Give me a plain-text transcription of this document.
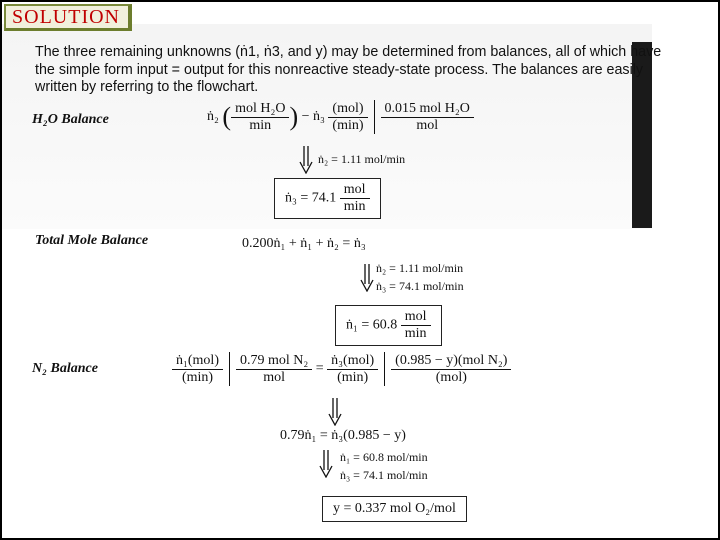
SOLUTION

The three remaining unknowns (ṅ1, ṅ3, and y) may be determined from balances, all of which have

the simple form input = output for this nonreactive steady-state process. The balances are easily

written by referring to the flowchart.

H₂O Balance	ṅ₂ ( $\frac{\text{mol H₂O}}{\min}$ ) − ṅ₃ $\frac{\text{(mol)}}{(\min)} \frac{\text{0.015 mol H₂O}}{\text{mol}}$
ṅ₂ = 1.11 mol/min
ṅ₃ = $74.1 \frac{\text{mol}}{\min}$
Total Mole Balance	0.200ṅ₁ + ṅ₁ + ṅ₂ = ṅ₃
ṅ₂ = 1.11 mol/min
ṅ₃ = 74.1 mol/min
ṅ₁ = $60.8 \frac{\text{mol}}{\min}$
N₂ Balance	$\frac{\text{ṅ₁(mol)}}{(\min)} \frac{\text{0.79 mol N₂}}{\text{mol}} = \frac{\text{ṅ₃(mol)}}{(\min)} \frac{\text{(0.985 − y)(mol N₂)}}{\text{(mol)}}$
0.79ṅ₁ = ṅ₃(0.985 − y)
ṅ₁ = 60.8 mol/min
ṅ₃ = 74.1 mol/min
y = 0.337 mol O₂/mol
